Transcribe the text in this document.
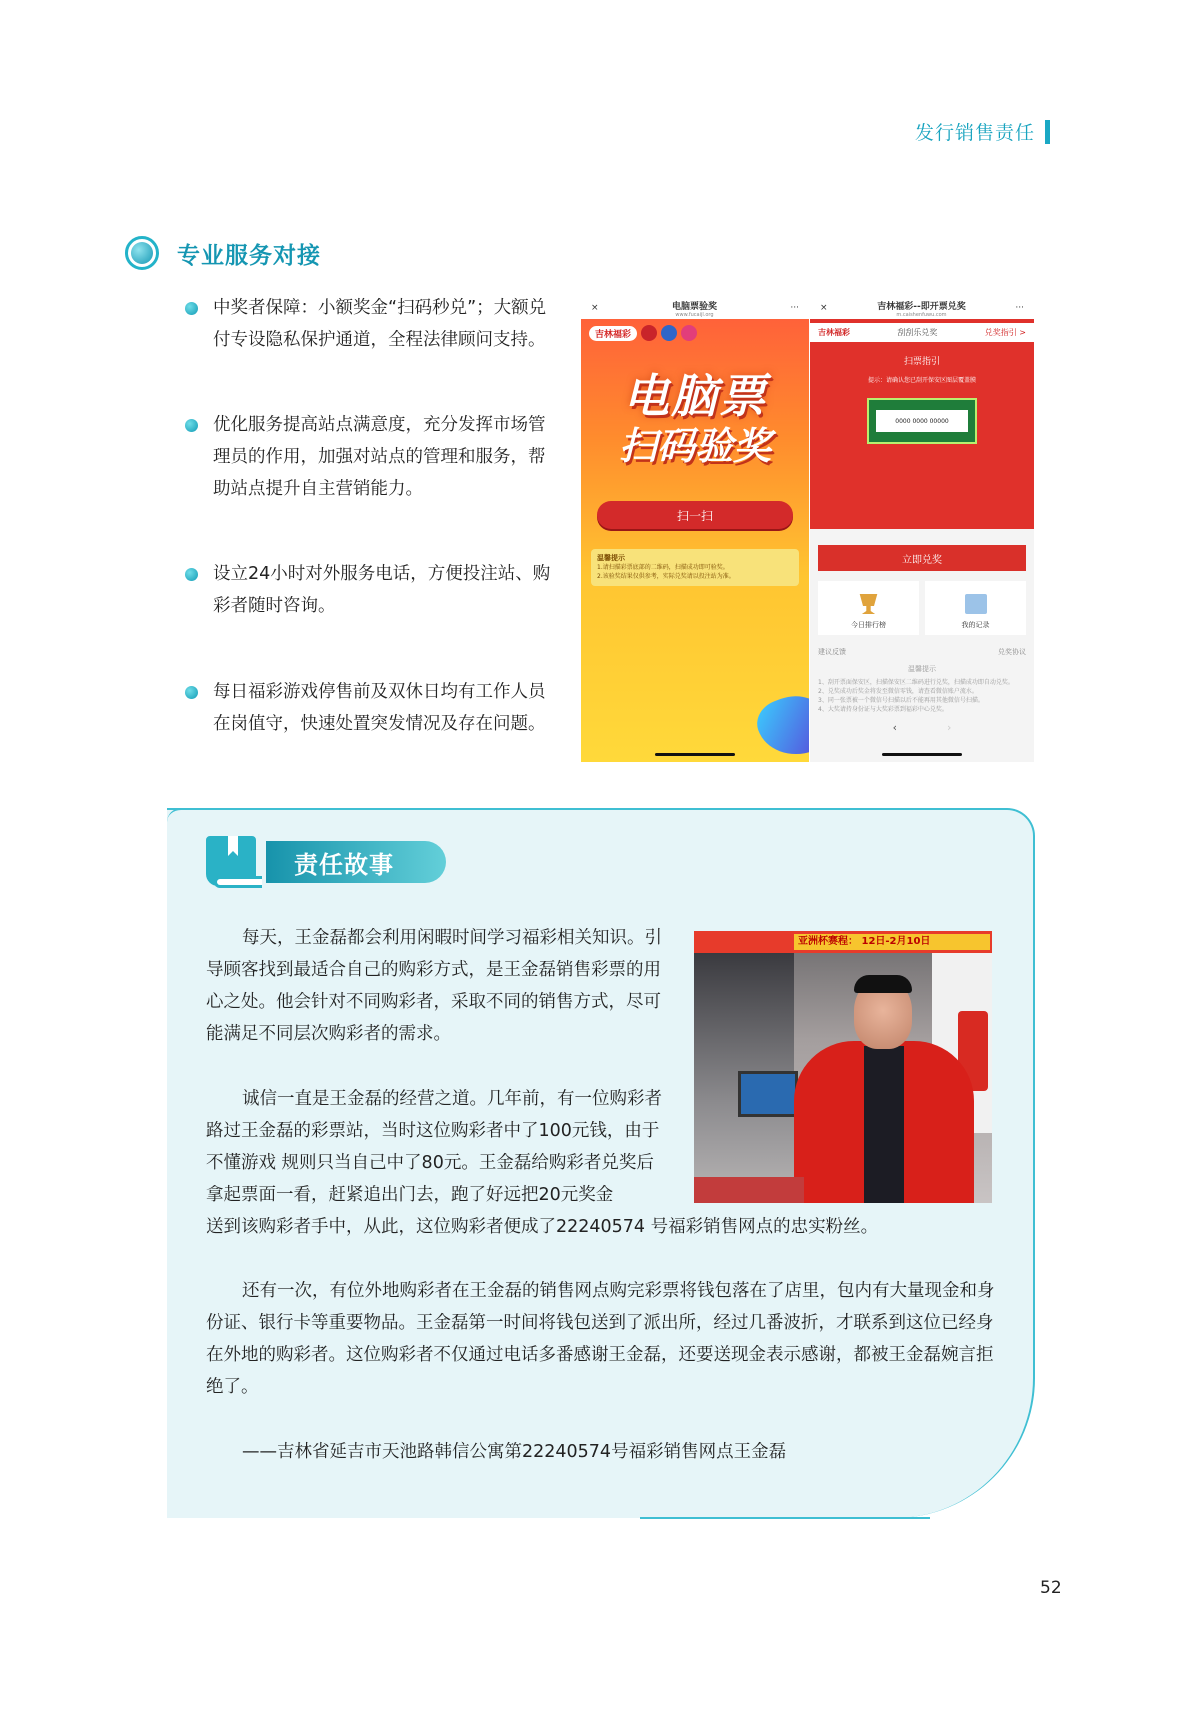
发行销售责任
专业服务对接
中奖者保障：小额奖金“扫码秒兑”；大额兑付专设隐私保护通道，全程法律顾问支持。
优化服务提高站点满意度，充分发挥市场管理员的作用，加强对站点的管理和服务，帮助站点提升自主营销能力。
设立24小时对外服务电话，方便投注站、购彩者随时咨询。
每日福彩游戏停售前及双休日均有工作人员在岗值守，快速处置突发情况及存在问题。
×	电脑票验奖
www.fucaijl.org
···
吉林福彩
电脑票
扫码验奖
扫一扫
温馨提示
1.请扫描彩票底部的二维码，扫描成功即可验奖。
2.该验奖结果仅供参考，实际兑奖请以投注站为准。
×	吉林福彩--即开票兑奖
m.caishenfuwu.com
···
吉林福彩	刮刮乐兑奖	兑奖指引 >
扫票指引
提示：请确认您已刮开保安区图层覆盖膜
0000 0000 00000
立即兑奖
今日排行榜	我的记录
建议反馈	兑奖协议
温馨提示
1、刮开票面保安区，扫描保安区二维码进行兑奖，扫描成功即自动兑奖。
2、兑奖成功后奖金将发至微信零钱，请查看微信账户流水。
3、同一张票被一个微信号扫描以后不能再用其他微信号扫描。
4、大奖请持身份证与大奖彩票到福彩中心兑奖。
‹	›
责任故事
每天，王金磊都会利用闲暇时间学习福彩相关知识。引导顾客找到最适合自己的购彩方式，是王金磊销售彩票的用心之处。他会针对不同购彩者，采取不同的销售方式，尽可能满足不同层次购彩者的需求。
诚信一直是王金磊的经营之道。几年前，有一位购彩者路过王金磊的彩票站，当时这位购彩者中了100元钱，由于不懂游戏 规则只当自己中了80元。王金磊给购彩者兑奖后拿起票面一看，赶紧追出门去，跑了好远把20元奖金
送到该购彩者手中，从此，这位购彩者便成了22240574 号福彩销售网点的忠实粉丝。
还有一次，有位外地购彩者在王金磊的销售网点购完彩票将钱包落在了店里，包内有大量现金和身份证、银行卡等重要物品。王金磊第一时间将钱包送到了派出所，经过几番波折，才联系到这位已经身在外地的购彩者。这位购彩者不仅通过电话多番感谢王金磊，还要送现金表示感谢，都被王金磊婉言拒绝了。
——吉林省延吉市天池路韩信公寓第22240574号福彩销售网点王金磊
亚洲杯赛程： 12日-2月10日
52
